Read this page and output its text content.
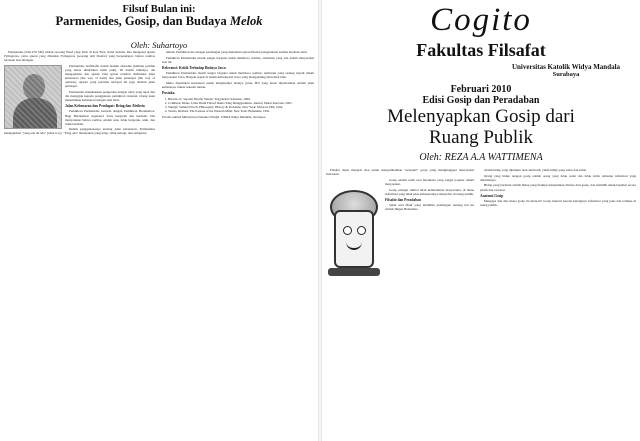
Filsuf Bulan ini:
Parmenides, Gosip, dan Budaya Melok
Oleh: Suhartoyo

Parmenides (540-470 SM) adalah seorang filsuf yang lahir di kota Elea, Italia Selatan. Dia mengenal ajaran Pythagoras, yaitu ajaran yang dibentuk Pythagoras (seorang ahli filsafat) yang berpendapat, bahwa realitas tersusun atas bilangan.

Parmenides berfilsafat dalam bentuk aforisme (kalimat pendek yang harus dihafalkan lebih jauh). Di dalam bukunya, dia mengajarkan dua ajaran. Dua ajaran tersebut diafirmasi jalan kebenaran (the way of truth) dan jalan pendapat (the way of opinion). Ajaran yang pertama terdapat ini juga disebut jalan pendapat.

Parmenides menekankan pengertian dengan nalar yang tepat dan dia mengajak kepada penggunaan pemikiran rasional. Orang akan menemukan kebenaran dengan akal budi.

Jalan Kebenaran dan Pendapat: Being dan Aletheia

Pemikiran Parmenides berbeda dengan Pemikiran Herakleitos. Bagi Herakleitos segalanya terus bergerak dan berubah. Dia menyatakan bahwa realitas adalah satu, tidak bergerak, utuh, dan tidak berubah.

Dalam penggunaannya tentang jalan kebenaran, Parmenides mengajarkan "yang ada itu ada" (what is is). "Yang ada" merupakan yang tetap, tidak terbagi, dan sempurna.

umum. Pemikiran dia sebagai pandangan yang melandasi ajaran filsafat pengetahuan selama berabad-abad.

Pemikiran Parmenides masih sangat berguna untuk membaca realitas, termasuk yang ada dalam masyarakat saat ini.

Relevansi: Kritik Terhadap Budaya Jawa

Pemikiran Parmenides masih sangat berguna untuk membaca realitas, termasuk yang sedang terjadi dalam masyarakat Jawa. Banyak aspek di dalam kebudayaan Jawa yang mengandung nilai-nilai baik.

Maka diperlukan kesadaran untuk menghadapi budaya gosip. Hal yang harus diperhatikan adalah jalan kebenaran, bukan sekadar melok.

Pustaka
1. Bertens, K. Sejarah Filsafat Yunani. Yogyakarta: Kanisius, 1999.
2. Collinson, Diane. Lima Puluh Filosof Dunia Yang Menggerakkan. Jakarta: Murai Kencana, 2001.
3. Stumpf, Samuel Enoch. Philosophy: History & Problems. New York: McGraw-Hill, 1994.
4. Tarnas, Richard. The Passion of the Western Mind. New York: Ballantine, 1991.
Penulis adalah Mahasiswa Fakultas Filsafat, UNIKA Widya Mandala, Surabaya.
Cogito
Fakultas Filsafat
Universitas Katolik Widya Mandala
Surabaya
Februari 2010
Edisi Gosip dan Peradaban
Melenyapkan Gosip dari
Ruang Publik
Oleh: REZA A.A WATTIMENA

Filsafat dapat menjadi obat untuk menyembuhkan "penyakit" gosip yang menghinggapi masyarakat Indonesia.

Gosip adalah salah satu fenomena yang sangat populer dalam masyarakat.

Gosip sebagai simbol telah kemunduran masyarakat, di mana informasi yang tidak jelas kebenarannya menyebar di ruang publik.

Filsafat dan Peradaban

Salah satu filsuf yang memiliki pandangan tentang hal ini adalah Jürgen Habermas.

adalah hidup yang dipimpin oleh akal budi, yakni hidup yang sadar dan kritis.

Orang yang hidup dengan gosip adalah orang yang tidak sadar dan tidak kritis terhadap informasi yang diterimanya.

Hidup yang bermutu adalah hidup yang mampu menjauhkan dirinya dari gosip, dan memilih untuk berpikir secara jernih dan rasional.

Anatomi Gosip

Mengapa dan dari mana gosip itu muncul? Gosip muncul karena kurangnya informasi yang jelas dan terbuka di ruang publik.
